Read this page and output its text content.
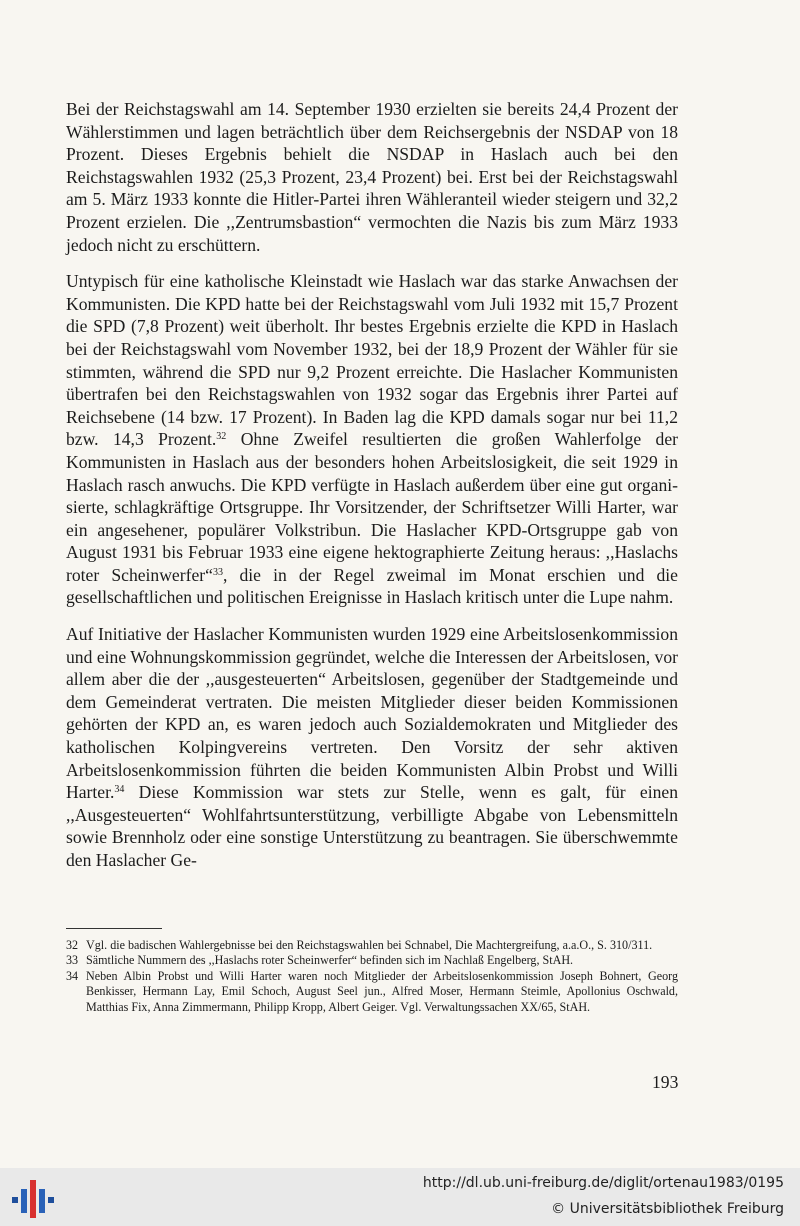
Bei der Reichstagswahl am 14. September 1930 erzielten sie bereits 24,4 Prozent der Wählerstimmen und lagen beträchtlich über dem Reichsergebnis der NSDAP von 18 Prozent. Dieses Ergebnis behielt die NSDAP in Haslach auch bei den Reichstagswahlen 1932 (25,3 Prozent, 23,4 Prozent) bei. Erst bei der Reichstagswahl am 5. März 1933 konnte die Hitler-Partei ihren Wähleranteil wieder steigern und 32,2 Prozent erzielen. Die ,,Zentrumsbastion“ vermochten die Nazis bis zum März 1933 jedoch nicht zu erschüttern.

Untypisch für eine katholische Kleinstadt wie Haslach war das starke Anwachsen der Kommunisten. Die KPD hatte bei der Reichstagswahl vom Juli 1932 mit 15,7 Prozent die SPD (7,8 Prozent) weit überholt. Ihr bestes Ergebnis erzielte die KPD in Haslach bei der Reichstagswahl vom November 1932, bei der 18,9 Prozent der Wähler für sie stimmten, während die SPD nur 9,2 Prozent erreichte. Die Haslacher Kommunisten übertrafen bei den Reichstagswahlen von 1932 sogar das Ergebnis ihrer Partei auf Reichsebene (14 bzw. 17 Prozent). In Baden lag die KPD damals sogar nur bei 11,2 bzw. 14,3 Prozent.$^{32}$ Ohne Zweifel resultierten die großen Wahlerfolge der Kommunisten in Haslach aus der besonders hohen Arbeitslosigkeit, die seit 1929 in Haslach rasch anwuchs. Die KPD verfügte in Haslach außerdem über eine gut organisierte, schlagkräftige Ortsgruppe. Ihr Vorsitzender, der Schriftsetzer Willi Harter, war ein angesehener, populärer Volkstribun. Die Haslacher KPD-Ortsgruppe gab von August 1931 bis Februar 1933 eine eigene hektographierte Zeitung heraus: ,,Haslachs roter Scheinwerfer“$^{33}$, die in der Regel zweimal im Monat erschien und die gesellschaftlichen und politischen Ereignisse in Haslach kritisch unter die Lupe nahm.

Auf Initiative der Haslacher Kommunisten wurden 1929 eine Arbeitslosenkommission und eine Wohnungskommission gegründet, welche die Interessen der Arbeitslosen, vor allem aber die der ,,ausgesteuerten“ Arbeitslosen, gegenüber der Stadtgemeinde und dem Gemeinderat vertraten. Die meisten Mitglieder dieser beiden Kommissionen gehörten der KPD an, es waren jedoch auch Sozialdemokraten und Mitglieder des katholischen Kolpingvereins vertreten. Den Vorsitz der sehr aktiven Arbeitslosenkommission führten die beiden Kommunisten Albin Probst und Willi Harter.$^{34}$ Diese Kommission war stets zur Stelle, wenn es galt, für einen ,,Ausgesteuerten“ Wohlfahrtsunterstützung, verbilligte Abgabe von Lebensmitteln sowie Brennholz oder eine sonstige Unterstützung zu beantragen. Sie überschwemmte den Haslacher Ge-

32 Vgl. die badischen Wahlergebnisse bei den Reichstagswahlen bei Schnabel, Die Machtergreifung, a.a.O., S. 310/311.
33 Sämtliche Nummern des ,,Haslachs roter Scheinwerfer“ befinden sich im Nachlaß Engelberg, StAH.
34 Neben Albin Probst und Willi Harter waren noch Mitglieder der Arbeitslosenkommission Joseph Bohnert, Georg Benkisser, Hermann Lay, Emil Schoch, August Seel jun., Alfred Moser, Hermann Steimle, Apollonius Oschwald, Matthias Fix, Anna Zimmermann, Philipp Kropp, Albert Geiger. Vgl. Verwaltungssachen XX/65, StAH.
193
http://dl.ub.uni-freiburg.de/diglit/ortenau1983/0195
© Universitätsbibliothek Freiburg
